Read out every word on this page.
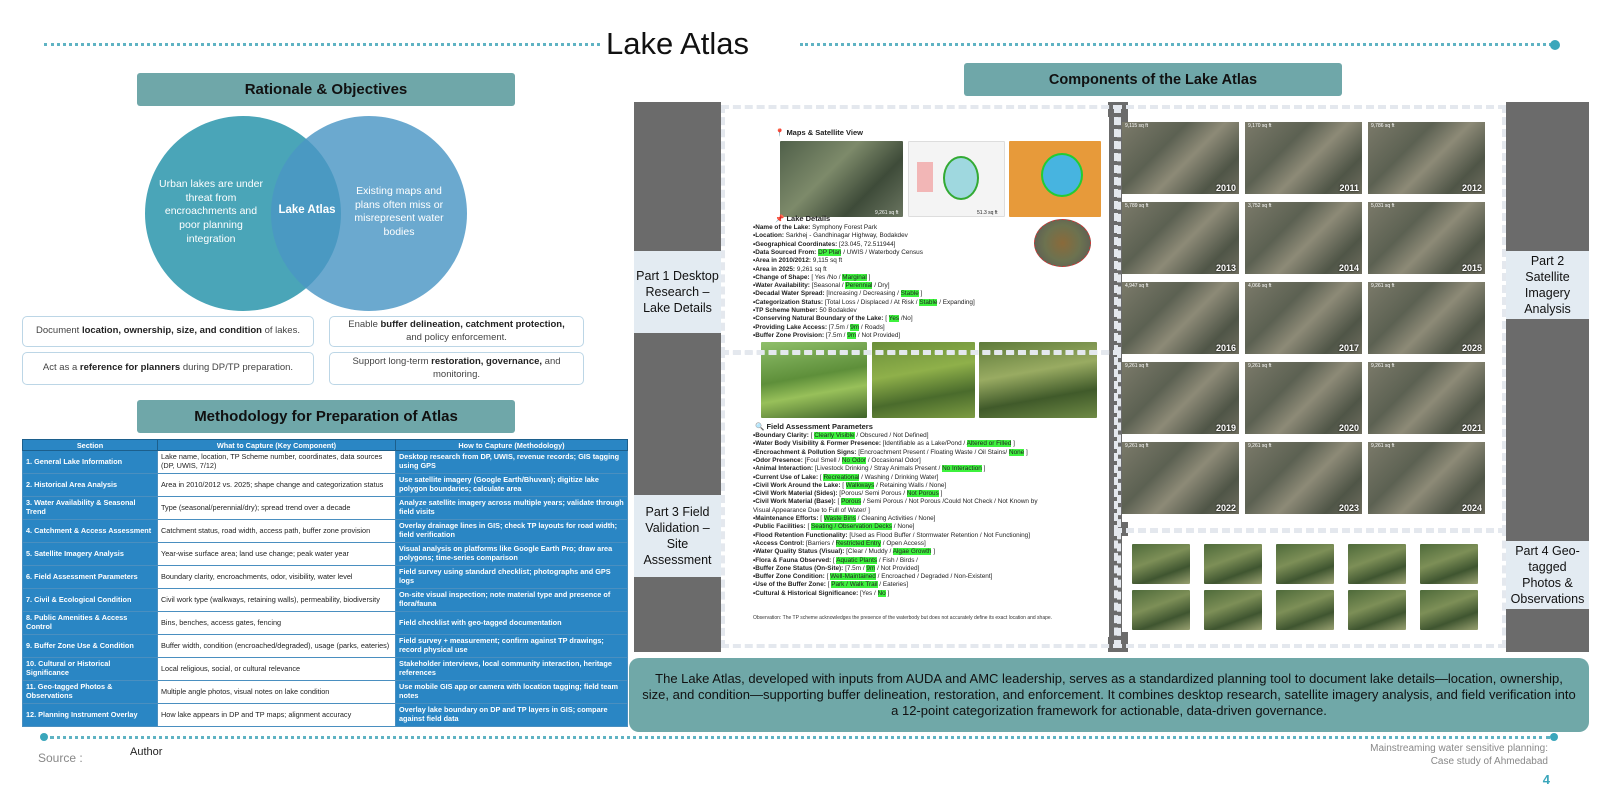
Lake Atlas
Rationale & Objectives
Urban lakes are under threat from encroachments and poor planning integration
Lake Atlas
Existing maps and plans often miss or misrepresent water bodies
Document location, ownership, size, and condition of lakes.
Enable buffer delineation, catchment protection, and policy enforcement.
Act as a reference for planners during DP/TP preparation.
Support long-term restoration, governance, and monitoring.
Methodology for Preparation of Atlas
Section	What to Capture (Key Component)	How to Capture (Methodology)
1. General Lake Information	Lake name, location, TP Scheme number, coordinates, data sources (DP, UWIS, 7/12)	Desktop research from DP, UWIS, revenue records; GIS tagging using GPS
2. Historical Area Analysis	Area in 2010/2012 vs. 2025; shape change and categorization status	Use satellite imagery (Google Earth/Bhuvan); digitize lake polygon boundaries; calculate area
3. Water Availability & Seasonal Trend	Type (seasonal/perennial/dry); spread trend over a decade	Analyze satellite imagery across multiple years; validate through field visits
4. Catchment & Access Assessment	Catchment status, road width, access path, buffer zone provision	Overlay drainage lines in GIS; check TP layouts for road width; field verification
5. Satellite Imagery Analysis	Year-wise surface area; land use change; peak water year	Visual analysis on platforms like Google Earth Pro; draw area polygons; time-series comparison
6. Field Assessment Parameters	Boundary clarity, encroachments, odor, visibility, water level	Field survey using standard checklist; photographs and GPS logs
7. Civil & Ecological Condition	Civil work type (walkways, retaining walls), permeability, biodiversity	On-site visual inspection; note material type and presence of flora/fauna
8. Public Amenities & Access Control	Bins, benches, access gates, fencing	Field checklist with geo-tagged documentation
9. Buffer Zone Use & Condition	Buffer width, condition (encroached/degraded), usage (parks, eateries)	Field survey + measurement; confirm against TP drawings; record physical use
10. Cultural or Historical Significance	Local religious, social, or cultural relevance	Stakeholder interviews, local community interaction, heritage references
11. Geo-tagged Photos & Observations	Multiple angle photos, visual notes on lake condition	Use mobile GIS app or camera with location tagging; field team notes
12. Planning Instrument Overlay	How lake appears in DP and TP maps; alignment accuracy	Overlay lake boundary on DP and TP layers in GIS; compare against field data
Components of the Lake Atlas
Part 1 Desktop Research – Lake Details
Part 3 Field Validation – Site Assessment
Part 2 Satellite Imagery Analysis
Part 4 Geo-tagged Photos & Observations
📍 Maps & Satellite View
9,261 sq ft	51.3 sq ft
📌 Lake Details
🔍 Field Assessment Parameters
Observation: The TP scheme acknowledges the presence of the waterbody but does not accurately define its exact location and shape.
•Name of the Lake: Symphony Forest Park
•Location: Sarkhej - Gandhinagar Highway, Bodakdev
•Geographical Coordinates: [23.045, 72.511944]
•Data Sourced From: DP Plan / UWIS / Waterbody Census
•Area in 2010/2012: 9,115 sq ft
•Area in 2025: 9,261 sq ft
•Change of Shape: [ Yes /No / Marginal ]
•Water Availability: [Seasonal / Perennial / Dry]
•Decadal Water Spread: [Increasing / Decreasing / Stable ]
•Categorization Status: [Total Loss / Displaced / At Risk / Stable / Expanding]
•TP Scheme Number: 50 Bodakdev
•Conserving Natural Boundary of the Lake: [ Yes /No]
•Providing Lake Access: [7.5m / 9m / Roads]
•Buffer Zone Provision: [7.5m / 9m / Not Provided]
•Boundary Clarity: [ Clearly Visible / Obscured / Not Defined]
•Water Body Visibility & Former Presence: [Identifiable as a Lake/Pond / Altered or Filled ]
•Encroachment & Pollution Signs: [Encroachment Present / Floating Waste / Oil Stains/ None ]
•Odor Presence: [Foul Smell / No Odor / Occasional Odor]
•Animal Interaction: [Livestock Drinking / Stray Animals Present / No Interaction ]
•Current Use of Lake: [ Recreational / Washing / Drinking Water]
•Civil Work Around the Lake: [ Walkways / Retaining Walls / None]
•Civil Work Material (Sides): [Porous/ Semi Porous / Not Porous ]
•Civil Work Material (Base): [ Porous / Semi Porous / Not Porous /Could Not Check / Not Known by
Visual Appearance Due to Full of Water/ ]
•Maintenance Efforts: [ Waste Bins / Cleaning Activities / None]
•Public Facilities: [ Seating / Observation Decks / None]
•Flood Retention Functionality: [Used as Flood Buffer / Stormwater Retention / Not Functioning]
•Access Control: [Barriers / Restricted Entry / Open Access]
•Water Quality Status (Visual): [Clear / Muddy / Algae Growth ]
•Flora & Fauna Observed: [ Aquatic Plants / Fish / Birds /
•Buffer Zone Status (On-Site): [7.5m / 9m / Not Provided]
•Buffer Zone Condition: [ Well-Maintained / Encroached / Degraded / Non-Existent]
•Use of the Buffer Zone: [ Park / Walk Trail / Eateries]
•Cultural & Historical Significance: [Yes / No ]
9,115 sq ft
2010
9,170 sq ft
2011
9,786 sq ft
2012
5,789 sq ft
2013
3,752 sq ft
2014
5,031 sq ft
2015
4,947 sq ft
2016
4,066 sq ft
2017
9,261 sq ft
2028
9,261 sq ft
2019
9,261 sq ft
2020
9,261 sq ft
2021
9,261 sq ft
2022
9,261 sq ft
2023
9,261 sq ft
2024
The Lake Atlas, developed with inputs from AUDA and AMC leadership, serves as a standardized planning tool to document lake details—location, ownership, size, and condition—supporting buffer delineation, restoration, and enforcement. It combines desktop research, satellite imagery analysis, and field verification into a 12-point categorization framework for actionable, data-driven governance.
Source :	Author	Mainstreaming water sensitive planning:
Case study of Ahmedabad
4
